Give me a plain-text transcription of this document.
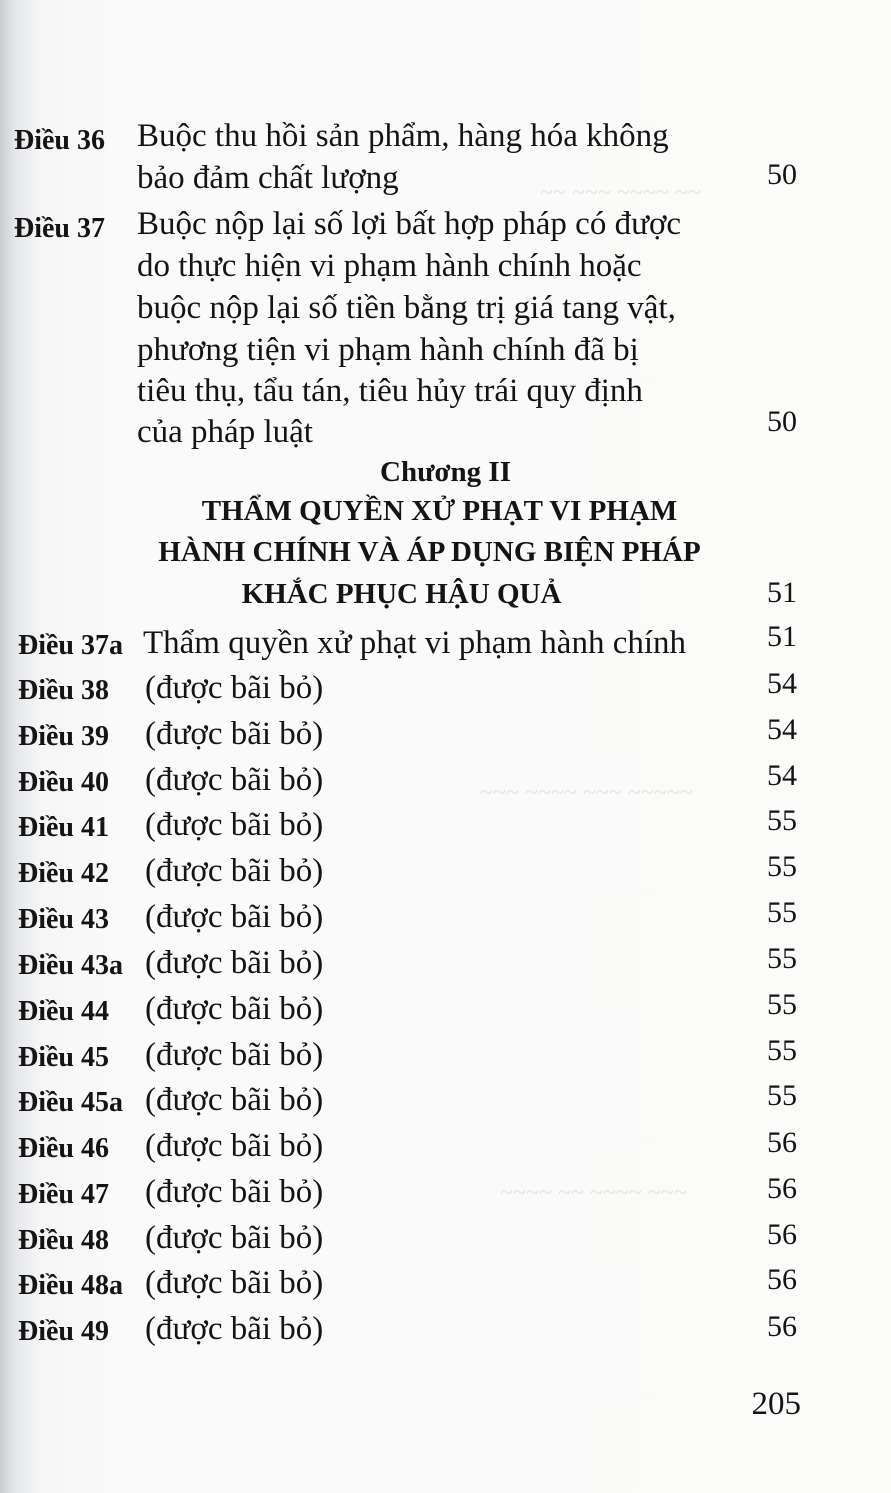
~~ ~~~ ~~~~ ~~
~~~ ~~~~ ~~~ ~~~~~
~~~~ ~~ ~~~~ ~~~
Điều 36 Buộc thu hồi sản phẩm, hàng hóa không
bảo đảm chất lượng	50
Điều 37 Buộc nộp lại số lợi bất hợp pháp có được
do thực hiện vi phạm hành chính hoặc
buộc nộp lại số tiền bằng trị giá tang vật,
phương tiện vi phạm hành chính đã bị
tiêu thụ, tẩu tán, tiêu hủy trái quy định
của pháp luật	50
Chương II
THẨM QUYỀN XỬ PHẠT VI PHẠM
HÀNH CHÍNH VÀ ÁP DỤNG BIỆN PHÁP
KHẮC PHỤC HẬU QUẢ	51
Điều 37a Thẩm quyền xử phạt vi phạm hành chính	51
Điều 38 (được bãi bỏ)	54
Điều 39 (được bãi bỏ)	54
Điều 40 (được bãi bỏ)	54
Điều 41 (được bãi bỏ)	55
Điều 42 (được bãi bỏ)	55
Điều 43 (được bãi bỏ)	55
Điều 43a (được bãi bỏ)	55
Điều 44 (được bãi bỏ)	55
Điều 45 (được bãi bỏ)	55
Điều 45a (được bãi bỏ)	55
Điều 46 (được bãi bỏ)	56
Điều 47 (được bãi bỏ)	56
Điều 48 (được bãi bỏ)	56
Điều 48a (được bãi bỏ)	56
Điều 49 (được bãi bỏ)	56
205
